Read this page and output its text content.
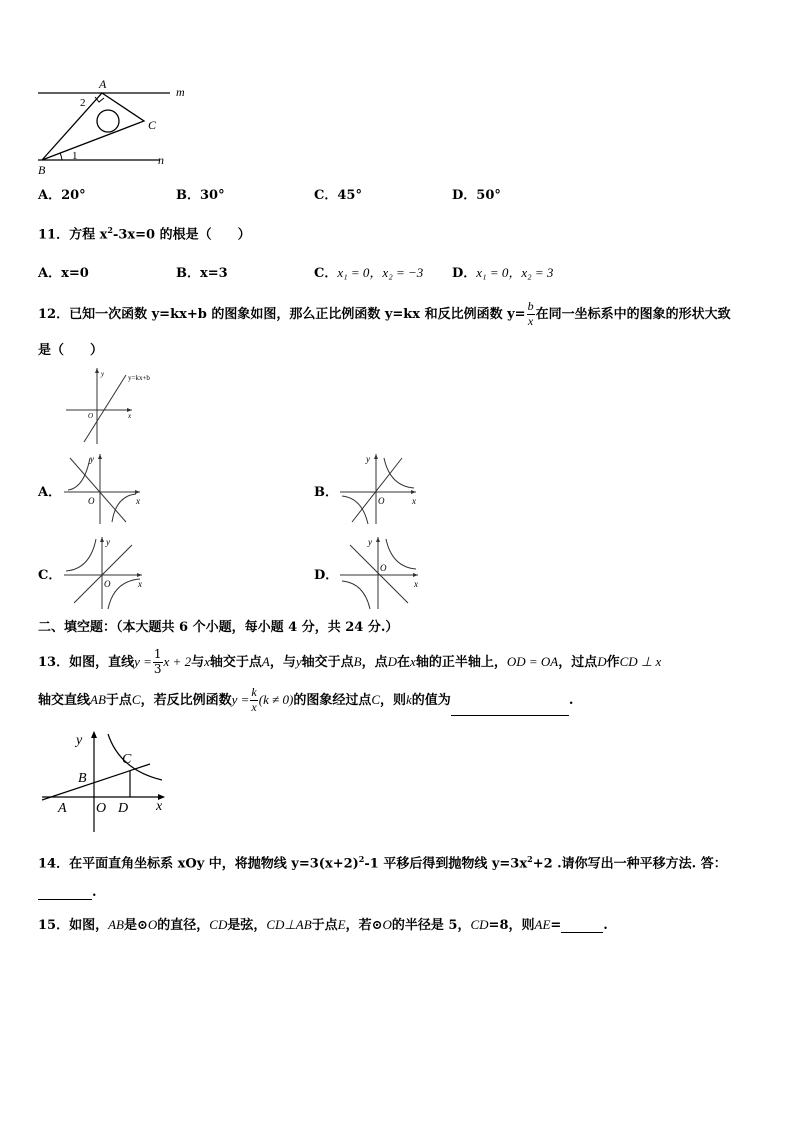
A
B
C
m
n
1
2
A．20°	B．30°	C．45°	D．50°
11．方程 $x^2-3x=0$ 的根是（　　）
A．x=0	B．x=3	C．x₁ = 0，x₂ = −3 D．x₁ = 0，x₂ = 3
12．已知一次函数 y=kx+b 的图象如图，那么正比例函数 y=kx 和反比例函数 $y= \frac{b}{x}$ 在同一坐标系中的图象的形状大致
是（　　）
y
x
O
y=kx+b
A．
y
x
O
B．
y
x
O
C．
y
x
O
D．
y
x
O
二、填空题：（本大题共 6 个小题，每小题 4 分，共 24 分.）
13．如图，直线$y = \frac{1}{3}$ x + 2与x轴交于点A，与y轴交于点B，点D在x轴的正半轴上，OD = OA，过点D作CD ⊥ x
轴交直线AB于点C，若反比例函数$y = \frac{k}{x} (k \ne 0)$的图象经过点C，则k的值为	.
y
x
A
B
C
O D
14．在平面直角坐标系 xOy 中，将抛物线 $y=3(x+2)^2-1$ 平移后得到抛物线 $y=3x^2+2$ .请你写出一种平移方法. 答：
.
15．如图，AB是⊙O的直径，CD是弦，CD⊥AB于点E，若⊙O的半径是 5，CD=8，则AE=	.
